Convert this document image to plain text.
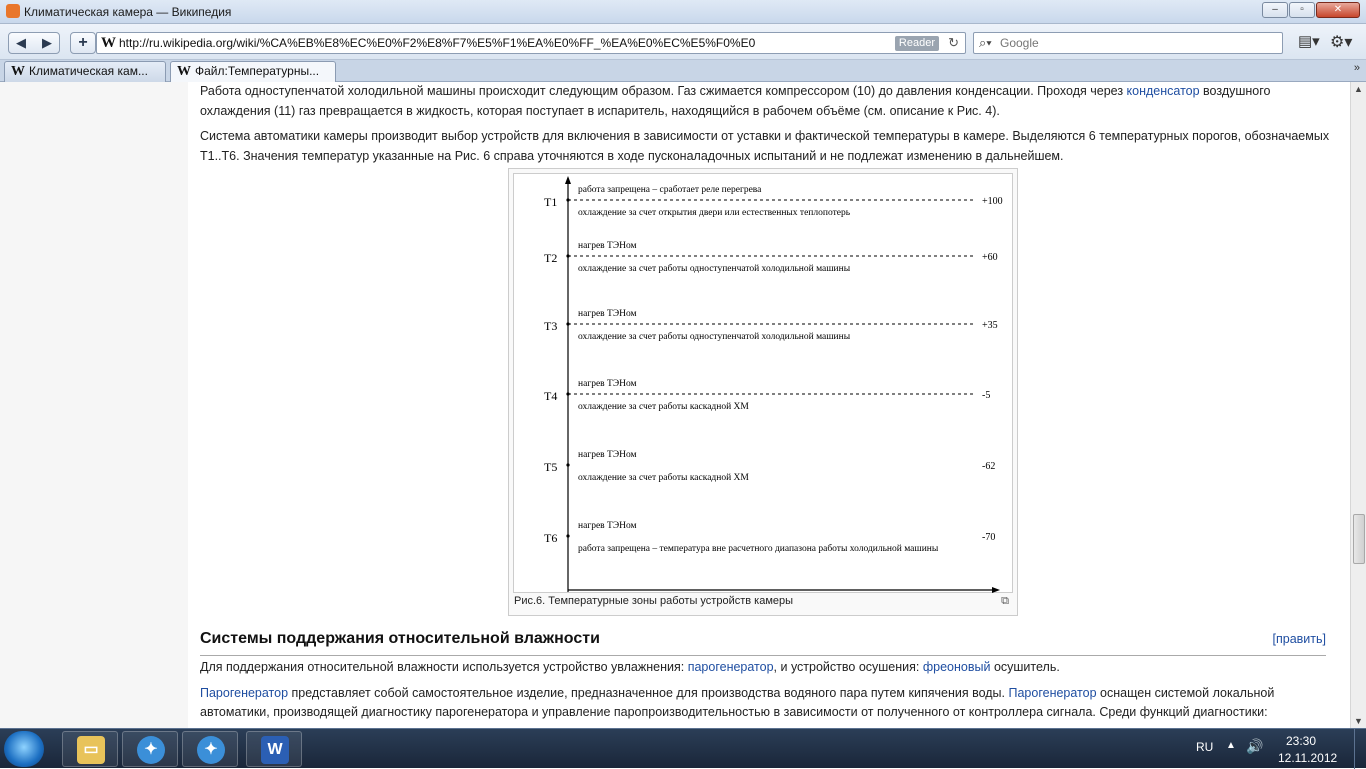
Климатическая камера — Википедия	–	▫	✕
◀	▶	+ W http://ru.wikipedia.org/wiki/%CA%EB%E8%EC%E0%F2%E8%F7%E5%F1%EA%E0%FF_%EA%E0%EC%E5%F0%E0	Reader	↻ ⌕▾
Google	▤▾ ⚙▾
W Климатическая кам...	W Файл:Температурны...	»

Работа одноступенчатой холодильной машины происходит следующим образом. Газ сжимается компрессором (10) до давления конденсации. Проходя через конденсатор воздушного охлаждения (11) газ превращается в жидкость, которая поступает в испаритель, находящийся в рабочем объёме (см. описание к Рис. 4).

Система автоматики камеры производит выбор устройств для включения в зависимости от уставки и фактической температуры в камере. Выделяются 6 температурных порогов, обозначаемых Т1..Т6. Значения температур указанные на Рис. 6 справа уточняются в ходе пусконаладочных испытаний и не подлежат изменению в дальнейшем.

T1	+100
работа запрещена – сработает реле перегрева
охлаждение за счет открытия двери или естественных теплопотерь
T2	+60
нагрев ТЭНом
охлаждение за счет работы одноступенчатой холодильной машины
T3	+35
нагрев ТЭНом
охлаждение за счет работы одноступенчатой холодильной машины
T4	-5
нагрев ТЭНом
охлаждение за счет работы каскадной ХМ
T5	-62
нагрев ТЭНом
охлаждение за счет работы каскадной ХМ
T6	-70
нагрев ТЭНом
работа запрещена – температура вне расчетного диапазона работы холодильной машины
Рис.6. Температурные зоны работы устройств камеры	⧉
Системы поддержания относительной влажности	[править]

Для поддержания относительной влажности используется устройство увлажнения: парогенератор, и устройство осушения: фреоновый осушитель.

Парогенератор представляет собой самостоятельное изделие, предназначенное для производства водяного пара путем кипячения воды. Парогенератор оснащен системой локальной автоматики, производящей диагностику парогенератора и управление паропроизводительностью в зависимости от полученного от контроллера сигнала. Среди функций диагностики:

▲
▼
▭	✦	✦	W	RU ▲ 🔊 23:30
12.11.2012
